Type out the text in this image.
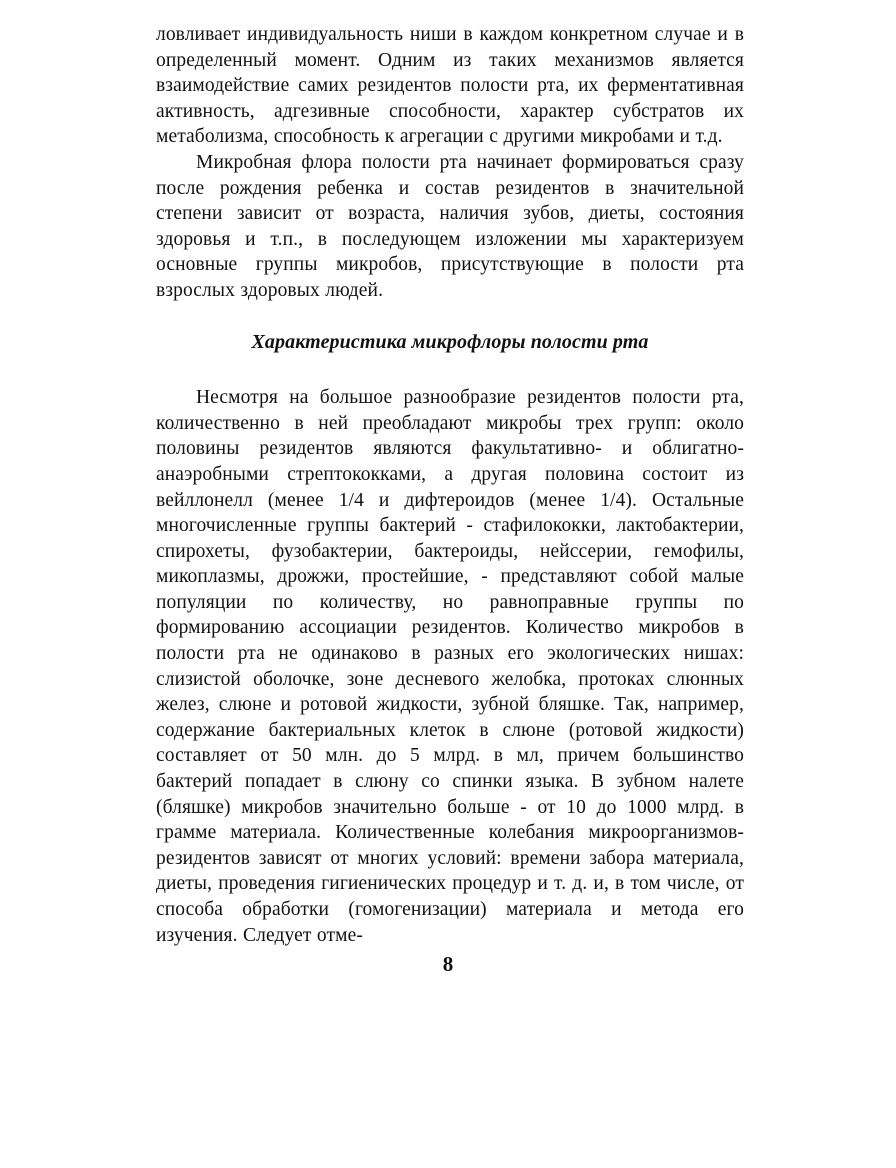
ловливает индивидуальность ниши в каждом конкретном случае и в определенный момент. Одним из таких механизмов является взаимодействие самих резидентов полости рта, их ферментативная активность, адгезивные способности, характер субстратов их метаболизма, способность к агрегации с другими микробами и т.д.

Микробная флора полости рта начинает формироваться сразу после рождения ребенка и состав резидентов в значительной степени зависит от возраста, наличия зубов, диеты, состояния здоровья и т.п., в последующем изложении мы характеризуем основные группы микробов, присутствующие в полости рта взрослых здоровых людей.

Характеристика микрофлоры полости рта

Несмотря на большое разнообразие резидентов полости рта, количественно в ней преобладают микробы трех групп: около половины резидентов являются факультативно- и облигатно-анаэробными стрептококками, а другая половина состоит из вейллонелл (менее 1/4 и дифтероидов (менее 1/4). Остальные многочисленные группы бактерий - стафилококки, лактобактерии, спирохеты, фузобактерии, бактероиды, нейссерии, гемофилы, микоплазмы, дрожжи, простейшие, - представляют собой малые популяции по количеству, но равноправные группы по формированию ассоциации резидентов. Количество микробов в полости рта не одинаково в разных его экологических нишах: слизистой оболочке, зоне десневого желобка, протоках слюнных желез, слюне и ротовой жидкости, зубной бляшке. Так, например, содержание бактериальных клеток в слюне (ротовой жидкости) составляет от 50 млн. до 5 млрд. в мл, причем большинство бактерий попадает в слюну со спинки языка. В зубном налете (бляшке) микробов значительно больше - от 10 до 1000 млрд. в грамме материала. Количественные колебания микроорганизмов-резидентов зависят от многих условий: времени забора материала, диеты, проведения гигиенических процедур и т. д. и, в том числе, от способа обработки (гомогенизации) материала и метода его изучения. Следует отме-

8
